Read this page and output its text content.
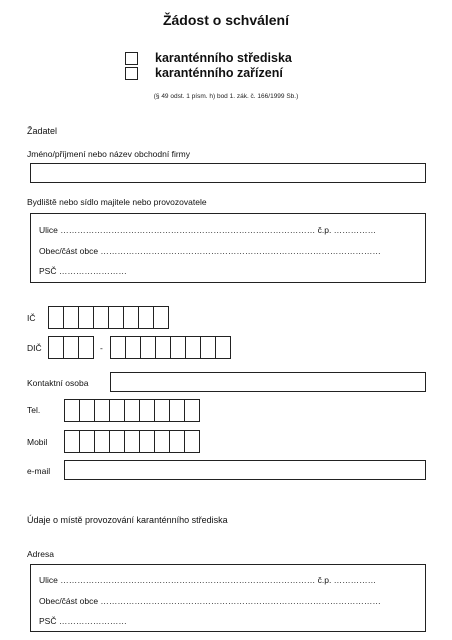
Žádost o schválení
karanténního střediska
karanténního zařízení
(§ 49 odst. 1 písm. h) bod 1. zák. č. 166/1999 Sb.)
Žadatel
Jméno/příjmení nebo název obchodní firmy
Bydliště nebo sídlo majitele nebo provozovatele
Ulice ……………………………………………………………………………… č.p. ……………
Obec/část obce ………………………………………………………………………………………
PSČ ……………………
IČ
DIČ	-
Kontaktní osoba
Tel.
Mobil
e-mail
Údaje o místě provozování karanténního střediska
Adresa
Ulice ……………………………………………………………………………… č.p. ……………
Obec/část obce ………………………………………………………………………………………
PSČ ……………………
